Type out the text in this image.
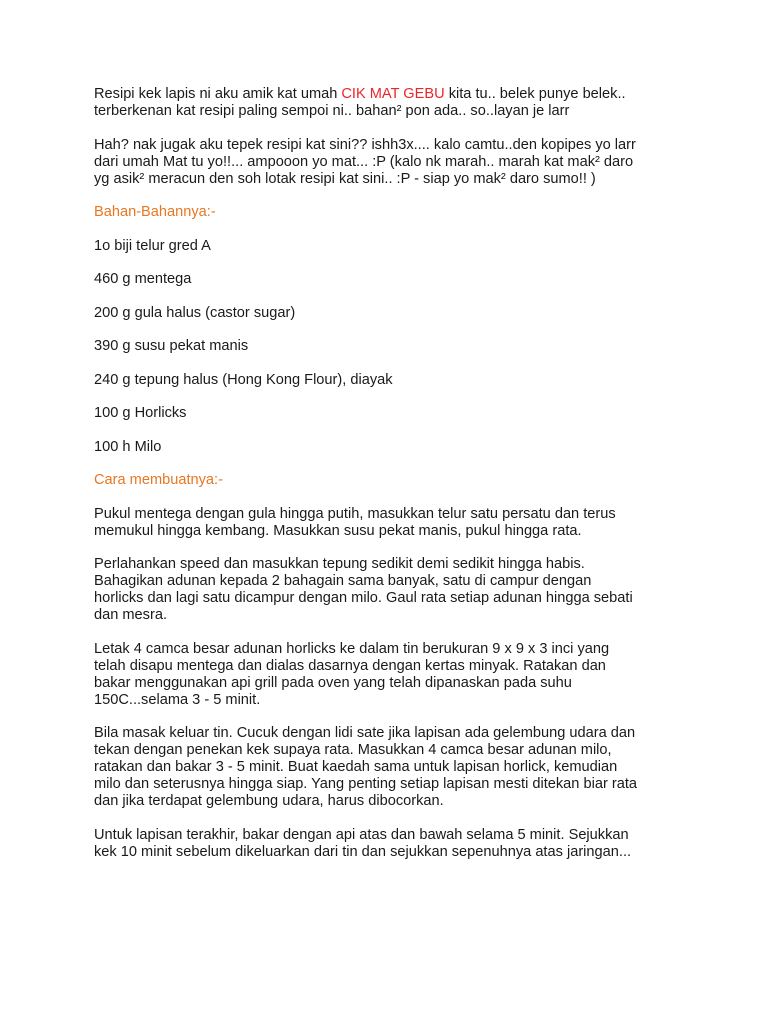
Resipi kek lapis ni aku amik kat umah CIK MAT GEBU kita tu.. belek punye belek..
terberkenan kat resipi paling sempoi ni.. bahan² pon ada.. so..layan je larr
Hah? nak jugak aku tepek resipi kat sini?? ishh3x.... kalo camtu..den kopipes yo larr
dari umah Mat tu yo!!... ampooon yo mat... :P (kalo nk marah.. marah kat mak² daro
yg asik² meracun den soh lotak resipi kat sini.. :P - siap yo mak² daro sumo!! )
Bahan-Bahannya:-
1o biji telur gred A
460 g mentega
200 g gula halus (castor sugar)
390 g susu pekat manis
240 g tepung halus (Hong Kong Flour), diayak
100 g Horlicks
100 h Milo
Cara membuatnya:-
Pukul mentega dengan gula hingga putih, masukkan telur satu persatu dan terus
memukul hingga kembang. Masukkan susu pekat manis, pukul hingga rata.
Perlahankan speed dan masukkan tepung sedikit demi sedikit hingga habis.
Bahagikan adunan kepada 2 bahagain sama banyak, satu di campur dengan
horlicks dan lagi satu dicampur dengan milo. Gaul rata setiap adunan hingga sebati
dan mesra.
Letak 4 camca besar adunan horlicks ke dalam tin berukuran 9 x 9 x 3 inci yang
telah disapu mentega dan dialas dasarnya dengan kertas minyak. Ratakan dan
bakar menggunakan api grill pada oven yang telah dipanaskan pada suhu
150C...selama 3 - 5 minit.
Bila masak keluar tin. Cucuk dengan lidi sate jika lapisan ada gelembung udara dan
tekan dengan penekan kek supaya rata. Masukkan 4 camca besar adunan milo,
ratakan dan bakar 3 - 5 minit. Buat kaedah sama untuk lapisan horlick, kemudian
milo dan seterusnya hingga siap. Yang penting setiap lapisan mesti ditekan biar rata
dan jika terdapat gelembung udara, harus dibocorkan.
Untuk lapisan terakhir, bakar dengan api atas dan bawah selama 5 minit. Sejukkan
kek 10 minit sebelum dikeluarkan dari tin dan sejukkan sepenuhnya atas jaringan...
